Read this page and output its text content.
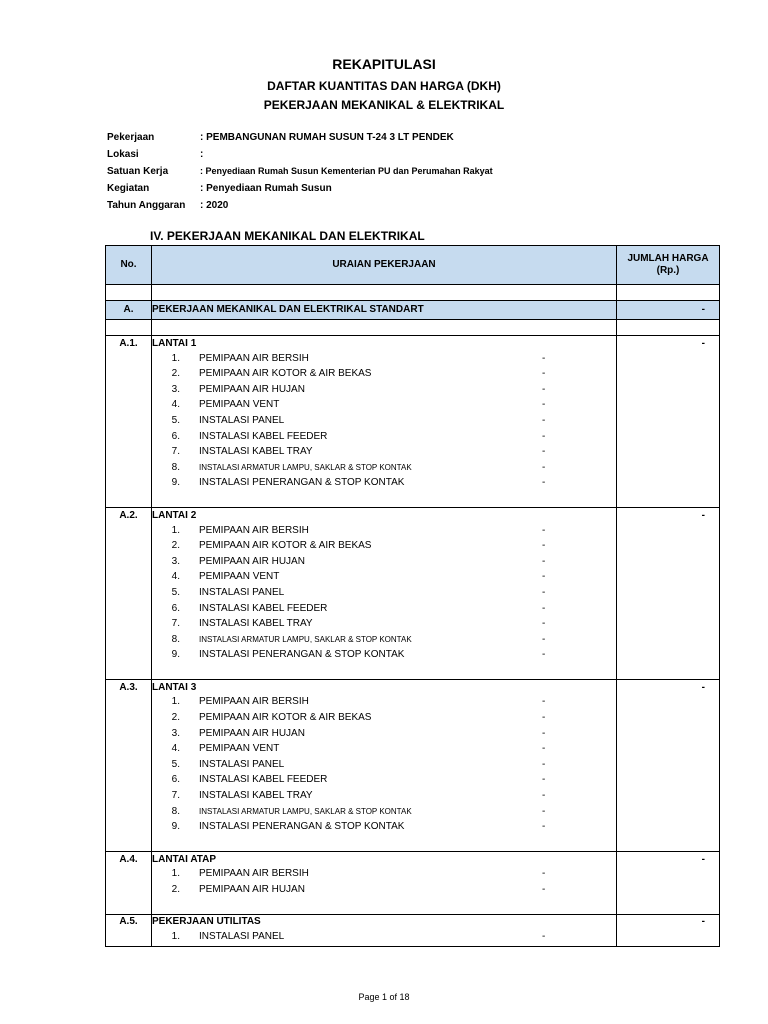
REKAPITULASI
DAFTAR KUANTITAS DAN HARGA (DKH)
PEKERJAAN MEKANIKAL & ELEKTRIKAL
Pekerjaan	: PEMBANGUNAN RUMAH SUSUN T-24 3 LT PENDEK
Lokasi	:
Satuan Kerja	: Penyediaan Rumah Susun Kementerian PU dan Perumahan Rakyat
Kegiatan	: Penyediaan Rumah Susun
Tahun Anggaran : 2020
IV. PEKERJAAN MEKANIKAL DAN ELEKTRIKAL
No.	URAIAN PEKERJAAN	JUMLAH HARGA
(Rp.)

A.	PEKERJAAN MEKANIKAL DAN ELEKTRIKAL STANDART	-

A.1.	LANTAI 1	-

	1. PEMIPAAN AIR BERSIH -	

	2. PEMIPAAN AIR KOTOR & AIR BEKAS -	

	3. PEMIPAAN AIR HUJAN -	

	4. PEMIPAAN VENT -	

	5. INSTALASI PANEL -	

	6. INSTALASI KABEL FEEDER -	

	7. INSTALASI KABEL TRAY -	

	8. INSTALASI ARMATUR LAMPU, SAKLAR & STOP KONTAK -	

	9. INSTALASI PENERANGAN & STOP KONTAK -	

A.2.	LANTAI 2	-

	1. PEMIPAAN AIR BERSIH -	

	2. PEMIPAAN AIR KOTOR & AIR BEKAS -	

	3. PEMIPAAN AIR HUJAN -	

	4. PEMIPAAN VENT -	

	5. INSTALASI PANEL -	

	6. INSTALASI KABEL FEEDER -	

	7. INSTALASI KABEL TRAY -	

	8. INSTALASI ARMATUR LAMPU, SAKLAR & STOP KONTAK -	

	9. INSTALASI PENERANGAN & STOP KONTAK -	

A.3.	LANTAI 3	-

	1. PEMIPAAN AIR BERSIH -	

	2. PEMIPAAN AIR KOTOR & AIR BEKAS -	

	3. PEMIPAAN AIR HUJAN -	

	4. PEMIPAAN VENT -	

	5. INSTALASI PANEL -	

	6. INSTALASI KABEL FEEDER -	

	7. INSTALASI KABEL TRAY -	

	8. INSTALASI ARMATUR LAMPU, SAKLAR & STOP KONTAK -	

	9. INSTALASI PENERANGAN & STOP KONTAK -	

A.4.	LANTAI ATAP	-

	1. PEMIPAAN AIR BERSIH -	

	2. PEMIPAAN AIR HUJAN -	

A.5.	PEKERJAAN UTILITAS	-

	1. INSTALASI PANEL -	

Page 1 of 18
